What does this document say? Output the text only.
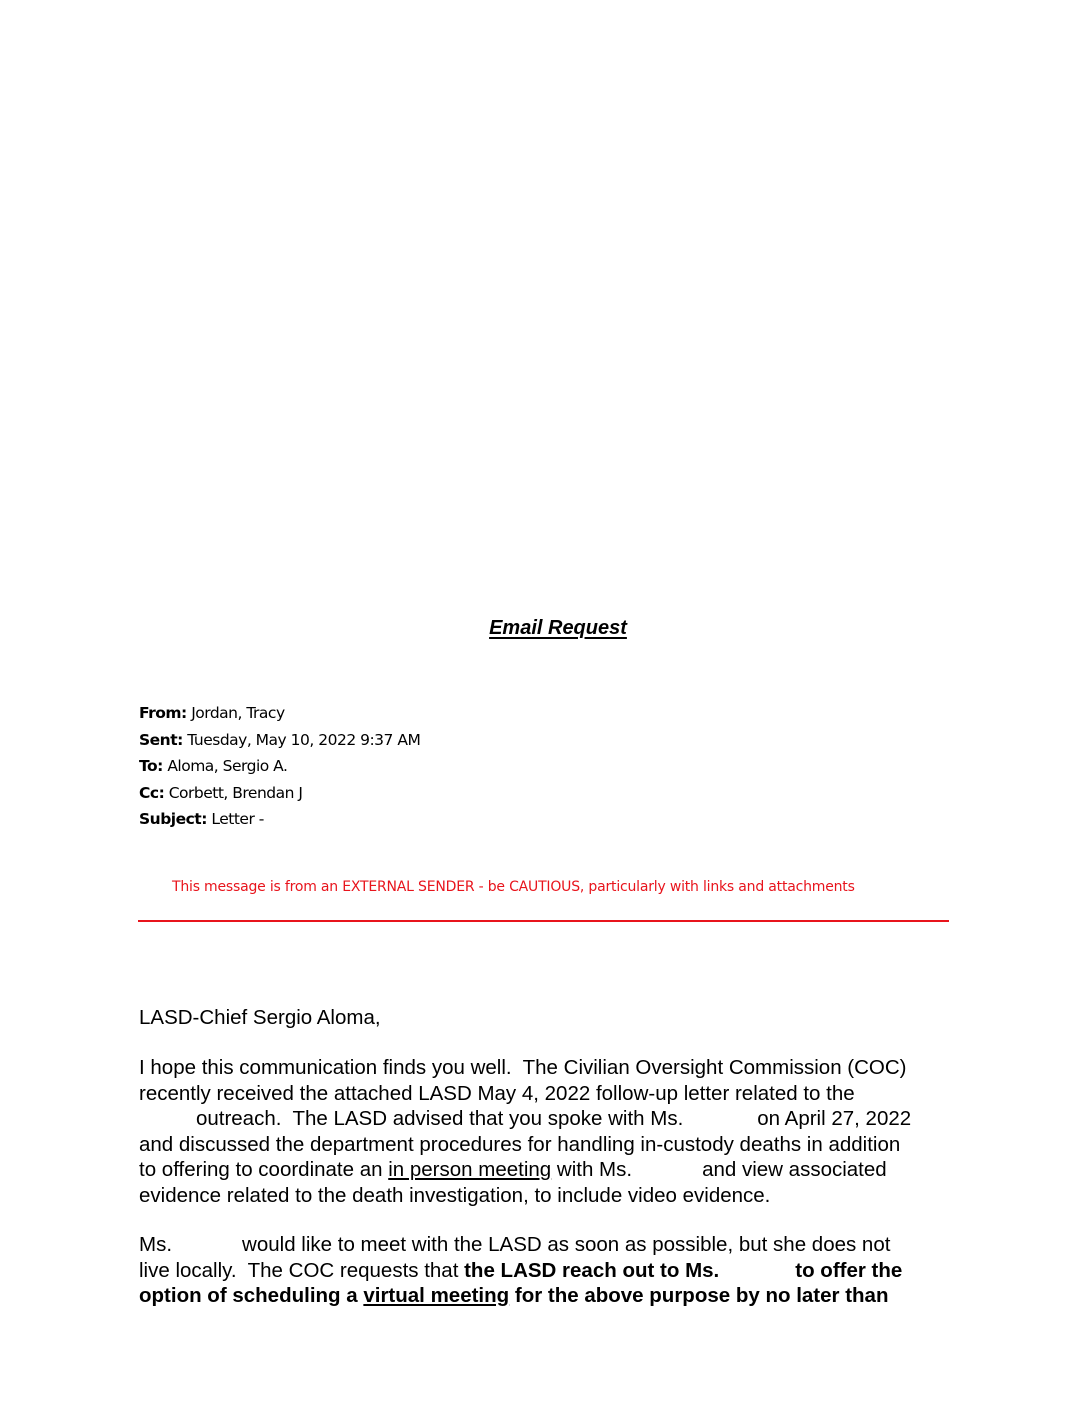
Email Request
From: Jordan, Tracy
Sent: Tuesday, May 10, 2022 9:37 AM
To: Aloma, Sergio A.
Cc: Corbett, Brendan J
Subject: Letter -
This message is from an EXTERNAL SENDER - be CAUTIOUS, particularly with links and attachments
LASD-Chief Sergio Aloma,
I hope this communication finds you well.  The Civilian Oversight Commission (COC)
recently received the attached LASD May 4, 2022 follow-up letter related to the
outreach.  The LASD advised that you spoke with Ms.	on April 27, 2022
and discussed the department procedures for handling in-custody deaths in addition
to offering to coordinate an in person meeting with Ms.	and view associated
evidence related to the death investigation, to include video evidence.
Ms.	would like to meet with the LASD as soon as possible, but she does not
live locally.  The COC requests that the LASD reach out to Ms.	to offer the
option of scheduling a virtual meeting for the above purpose by no later than
